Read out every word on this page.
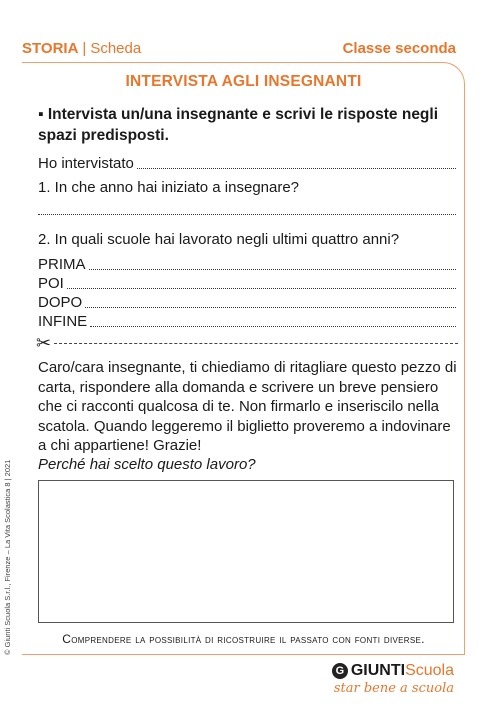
STORIA | Scheda	Classe seconda
INTERVISTA AGLI INSEGNANTI
▪ Intervista un/una insegnante e scrivi le risposte negli spazi predisposti.
Ho intervistato
1. In che anno hai iniziato a insegnare?
2. In quali scuole hai lavorato negli ultimi quattro anni?
PRIMA
POI
DOPO
INFINE
✂
Caro/cara insegnante, ti chiediamo di ritagliare questo pezzo di carta, rispondere alla domanda e scrivere un breve pensiero che ci racconti qualcosa di te. Non firmarlo e inseriscilo nella scatola. Quando leggeremo il biglietto proveremo a indovinare a chi appartiene! Grazie!
Perché hai scelto questo lavoro?
Comprendere la possibilità di ricostruire il passato con fonti diverse.
© Giunti Scuola S.r.l., Firenze – La Vita Scolastica 8 | 2021
G GIUNTI Scuola
star bene a scuola
